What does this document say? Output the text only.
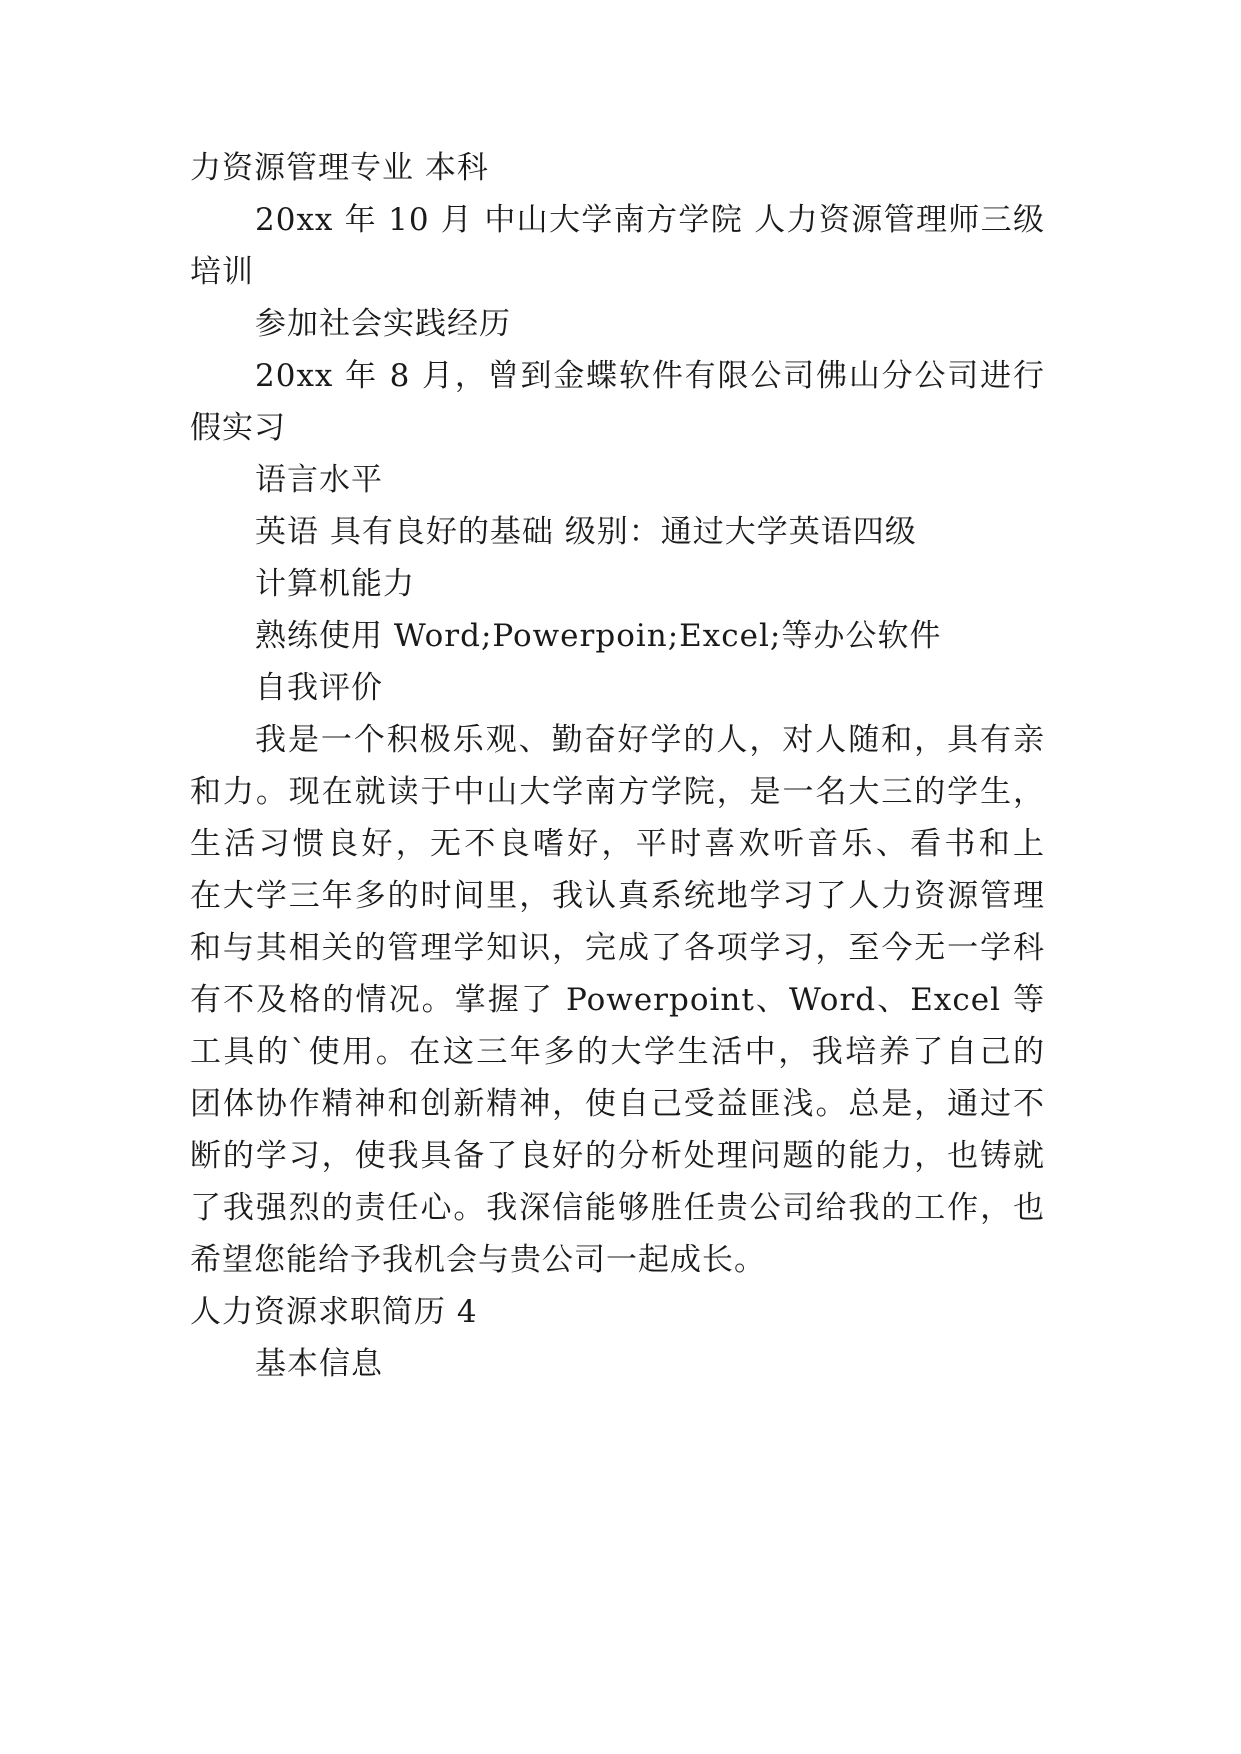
力资源管理专业 本科
20xx 年 10 月 中山大学南方学院 人力资源管理师三级
培训
参加社会实践经历
20xx 年 8 月，曾到金蝶软件有限公司佛山分公司进行
假实习
语言水平
英语 具有良好的基础 级别：通过大学英语四级
计算机能力
熟练使用 Word;Powerpoin;Excel;等办公软件
自我评价
我是一个积极乐观、勤奋好学的人，对人随和，具有亲
和力。现在就读于中山大学南方学院，是一名大三的学生，
生活习惯良好，无不良嗜好，平时喜欢听音乐、看书和上
在大学三年多的时间里，我认真系统地学习了人力资源管理
和与其相关的管理学知识，完成了各项学习，至今无一学科
有不及格的情况。掌握了 Powerpoint、Word、Excel 等
工具的`使用。在这三年多的大学生活中，我培养了自己的
团体协作精神和创新精神，使自己受益匪浅。总是，通过不
断的学习，使我具备了良好的分析处理问题的能力，也铸就
了我强烈的责任心。我深信能够胜任贵公司给我的工作，也
希望您能给予我机会与贵公司一起成长。
人力资源求职简历 4
基本信息
